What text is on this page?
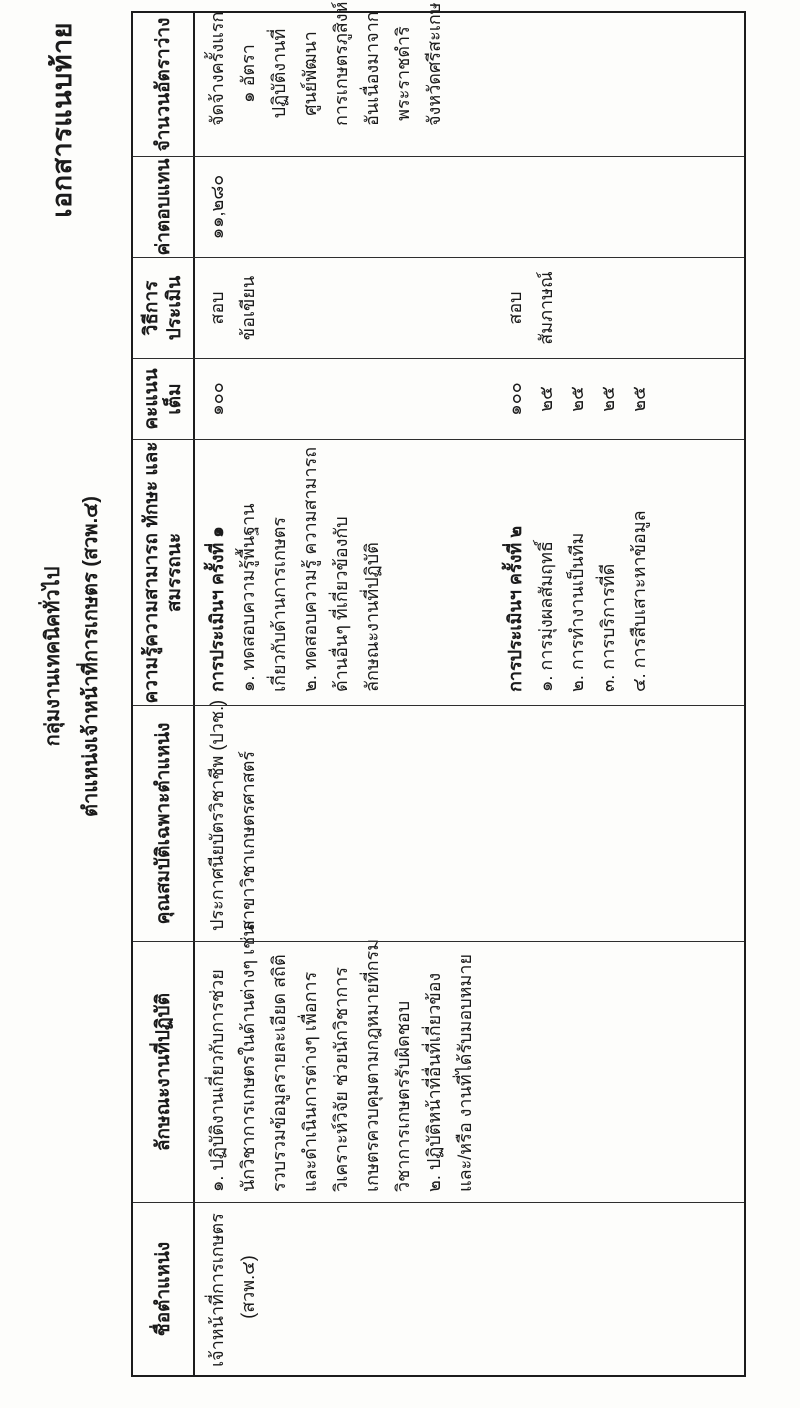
เอกสารแนบท้าย
กลุ่มงานเทคนิคทั่วไป ตำแหน่งเจ้าหน้าที่การเกษตร (สวพ.๔)
ชื่อตำแหน่ง เจ้าหน้าที่การเกษตร (สวพ.๔)
ลักษณะงานที่ปฏิบัติ ๑. ปฏิบัติงานเกี่ยวกับการช่วย นักวิชาการเกษตรในด้านต่างๆ เช่น รวบรวมข้อมูลรายละเอียด สถิติ และดำเนินการต่างๆ เพื่อการ วิเคราะห์วิจัย ช่วยนักวิชาการ เกษตรควบคุมตามกฎหมายที่กรม วิชาการเกษตรรับผิดชอบ ๒. ปฏิบัติหน้าที่อื่นที่เกี่ยวข้อง และ/หรือ งานที่ได้รับมอบหมาย
คุณสมบัติเฉพาะตำแหน่ง ประกาศนียบัตรวิชาชีพ (ปวช.) สาขาวิชาเกษตรศาสตร์
ความรู้ความสามารถ ทักษะ และ สมรรถนะ การประเมินฯ ครั้งที่ ๑ ๑. ทดสอบความรู้พื้นฐาน เกี่ยวกับด้านการเกษตร ๒. ทดสอบความรู้ ความสามารถ ด้านอื่นๆ ที่เกี่ยวข้องกับ ลักษณะงานที่ปฏิบัติ	การประเมินฯ ครั้งที่ ๒ ๑. การมุ่งผลสัมฤทธิ์ ๒. การทำงานเป็นทีม ๓. การบริการที่ดี ๔. การสืบเสาะหาข้อมูล
คะแนน เต็ม ๑๐๐	๑๐๐ ๒๕ ๒๕ ๒๕ ๒๕
วิธีการ ประเมิน สอบ ข้อเขียน	สอบ สัมภาษณ์
ค่าตอบแทน ๑๑,๒๘๐
จำนวนอัตราว่าง จัดจ้างครั้งแรก ๑ อัตรา ปฏิบัติงานที่ ศูนย์พัฒนา การเกษตรภูสิงห์ อันเนื่องมาจาก พระราชดำริ จังหวัดศรีสะเกษ
